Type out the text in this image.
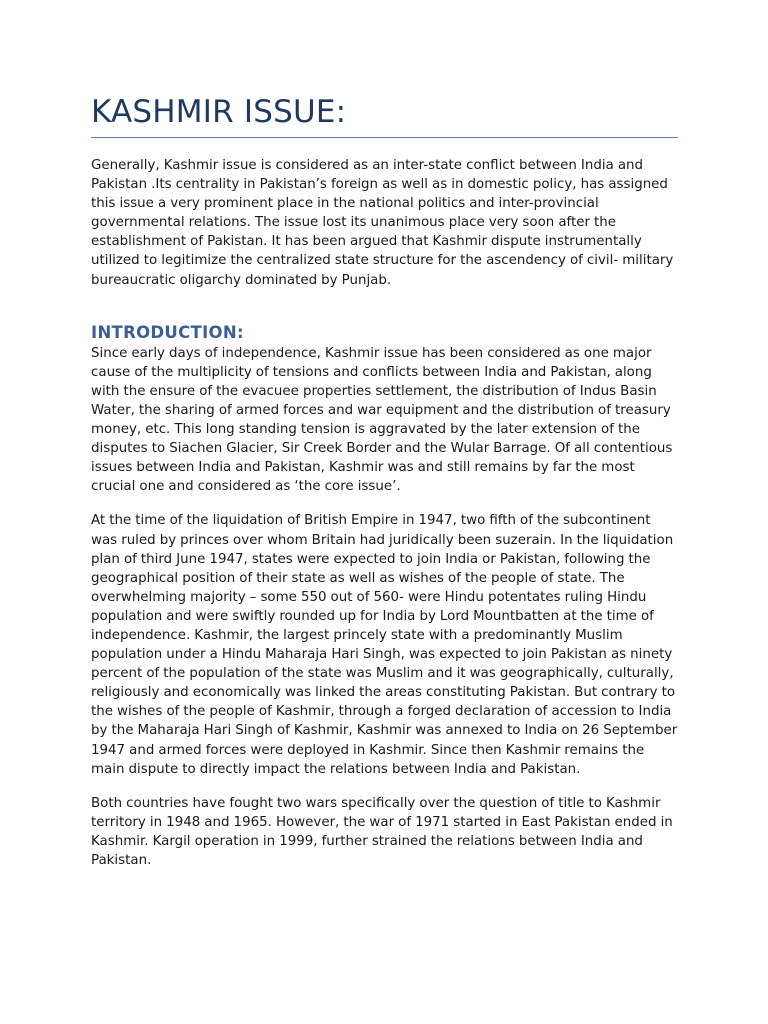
KASHMIR ISSUE:

Generally, Kashmir issue is considered as an inter-state conflict between India and Pakistan .Its centrality in Pakistan’s foreign as well as in domestic policy, has assigned this issue a very prominent place in the national politics and inter-provincial governmental relations. The issue lost its unanimous place very soon after the establishment of Pakistan. It has been argued that Kashmir dispute instrumentally utilized to legitimize the centralized state structure for the ascendency of civil- military bureaucratic oligarchy dominated by Punjab.

INTRODUCTION:

Since early days of independence, Kashmir issue has been considered as one major cause of the multiplicity of tensions and conflicts between India and Pakistan, along with the ensure of the evacuee properties settlement, the distribution of Indus Basin Water, the sharing of armed forces and war equipment and the distribution of treasury money, etc. This long standing tension is aggravated by the later extension of the disputes to Siachen Glacier, Sir Creek Border and the Wular Barrage. Of all contentious issues between India and Pakistan, Kashmir was and still remains by far the most crucial one and considered as ‘the core issue’.

At the time of the liquidation of British Empire in 1947, two fifth of the subcontinent was ruled by princes over whom Britain had juridically been suzerain. In the liquidation plan of third June 1947, states were expected to join India or Pakistan, following the geographical position of their state as well as wishes of the people of state. The overwhelming majority – some 550 out of 560- were Hindu potentates ruling Hindu population and were swiftly rounded up for India by Lord Mountbatten at the time of independence. Kashmir, the largest princely state with a predominantly Muslim population under a Hindu Maharaja Hari Singh, was expected to join Pakistan as ninety percent of the population of the state was Muslim and it was geographically, culturally, religiously and economically was linked the areas constituting Pakistan. But contrary to the wishes of the people of Kashmir, through a forged declaration of accession to India by the Maharaja Hari Singh of Kashmir, Kashmir was annexed to India on 26 September 1947 and armed forces were deployed in Kashmir. Since then Kashmir remains the main dispute to directly impact the relations between India and Pakistan.

Both countries have fought two wars specifically over the question of title to Kashmir territory in 1948 and 1965. However, the war of 1971 started in East Pakistan ended in Kashmir. Kargil operation in 1999, further strained the relations between India and Pakistan.
